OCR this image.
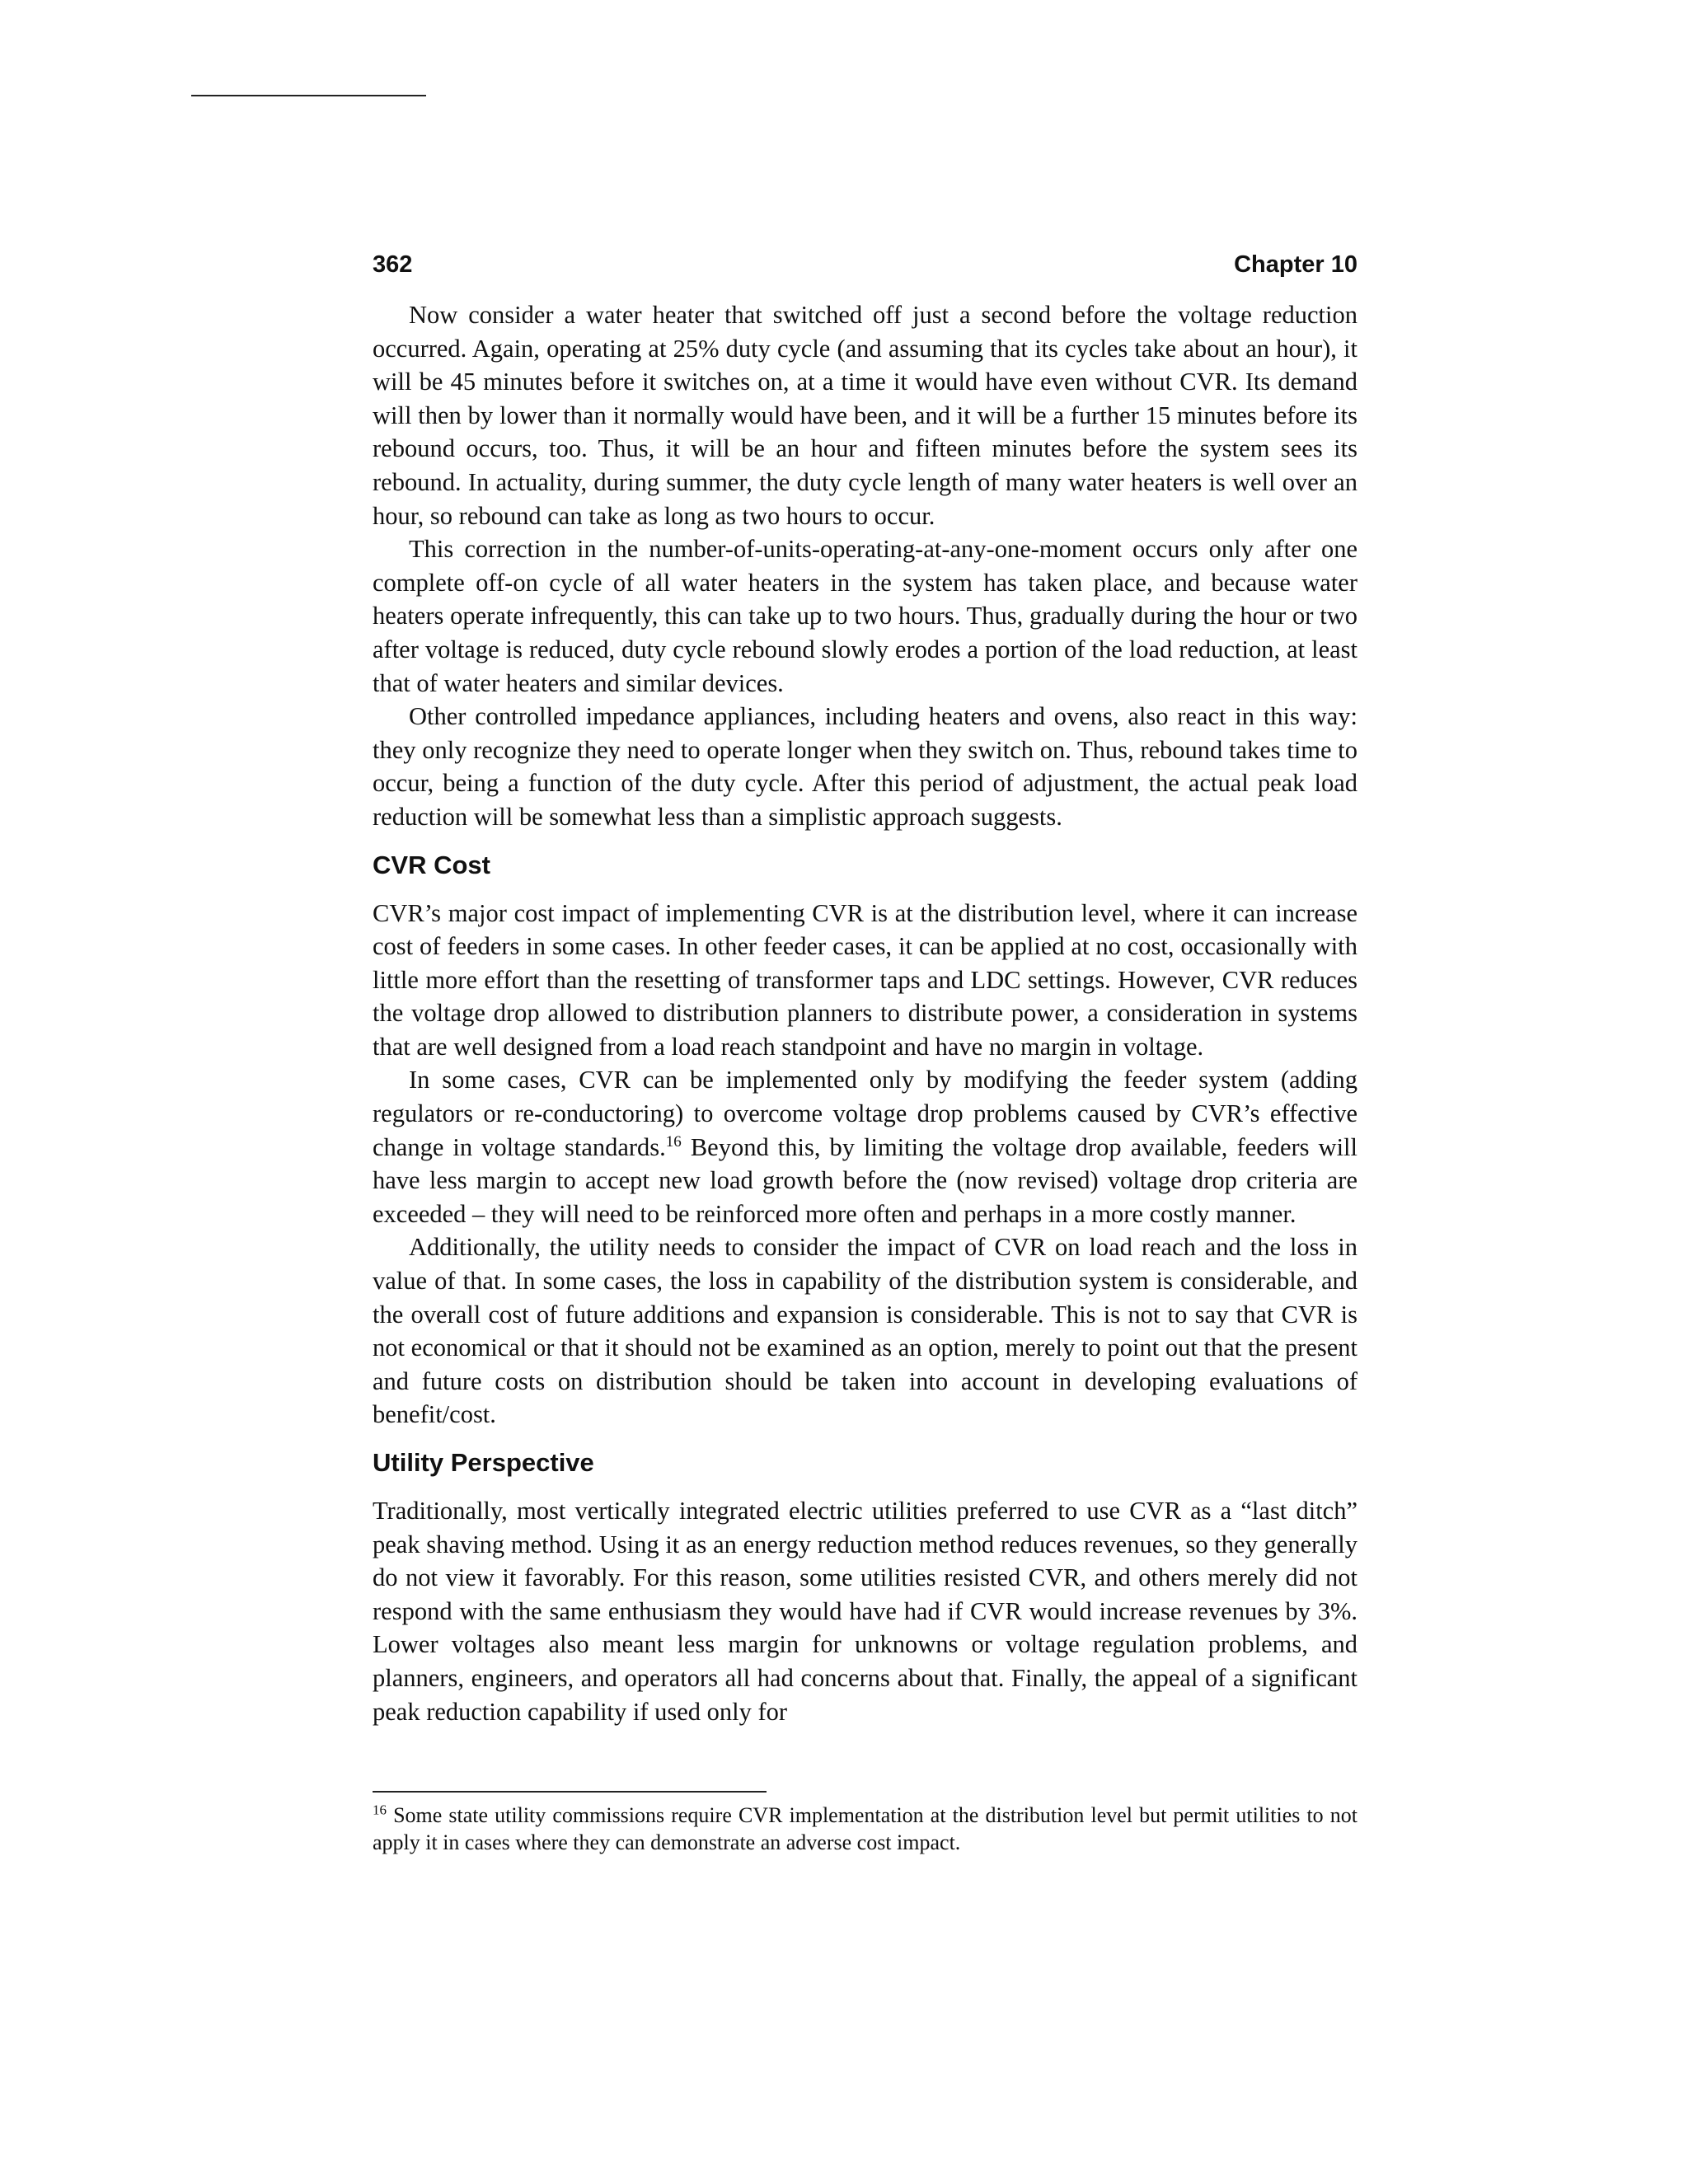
362	Chapter 10

Now consider a water heater that switched off just a second before the voltage reduction occurred. Again, operating at 25% duty cycle (and assuming that its cycles take about an hour), it will be 45 minutes before it switches on, at a time it would have even without CVR. Its demand will then by lower than it normally would have been, and it will be a further 15 minutes before its rebound occurs, too. Thus, it will be an hour and fifteen minutes before the system sees its rebound. In actuality, during summer, the duty cycle length of many water heaters is well over an hour, so rebound can take as long as two hours to occur.

This correction in the number-of-units-operating-at-any-one-moment occurs only after one complete off-on cycle of all water heaters in the system has taken place, and because water heaters operate infrequently, this can take up to two hours. Thus, gradually during the hour or two after voltage is reduced, duty cycle rebound slowly erodes a portion of the load reduction, at least that of water heaters and similar devices.

Other controlled impedance appliances, including heaters and ovens, also react in this way: they only recognize they need to operate longer when they switch on. Thus, rebound takes time to occur, being a function of the duty cycle. After this period of adjustment, the actual peak load reduction will be somewhat less than a simplistic approach suggests.

CVR Cost

CVR’s major cost impact of implementing CVR is at the distribution level, where it can increase cost of feeders in some cases. In other feeder cases, it can be applied at no cost, occasionally with little more effort than the resetting of transformer taps and LDC settings. However, CVR reduces the voltage drop allowed to distribution planners to distribute power, a consideration in systems that are well designed from a load reach standpoint and have no margin in voltage.

In some cases, CVR can be implemented only by modifying the feeder system (adding regulators or re-conductoring) to overcome voltage drop problems caused by CVR’s effective change in voltage standards.$^{16}$ Beyond this, by limiting the voltage drop available, feeders will have less margin to accept new load growth before the (now revised) voltage drop criteria are exceeded – they will need to be reinforced more often and perhaps in a more costly manner.

Additionally, the utility needs to consider the impact of CVR on load reach and the loss in value of that. In some cases, the loss in capability of the distribution system is considerable, and the overall cost of future additions and expansion is considerable. This is not to say that CVR is not economical or that it should not be examined as an option, merely to point out that the present and future costs on distribution should be taken into account in developing evaluations of benefit/cost.

Utility Perspective

Traditionally, most vertically integrated electric utilities preferred to use CVR as a “last ditch” peak shaving method. Using it as an energy reduction method reduces revenues, so they generally do not view it favorably. For this reason, some utilities resisted CVR, and others merely did not respond with the same enthusiasm they would have had if CVR would increase revenues by 3%. Lower voltages also meant less margin for unknowns or voltage regulation problems, and planners, engineers, and operators all had concerns about that. Finally, the appeal of a significant peak reduction capability if used only for

$^{16}$ Some state utility commissions require CVR implementation at the distribution level but permit utilities to not apply it in cases where they can demonstrate an adverse cost impact.
